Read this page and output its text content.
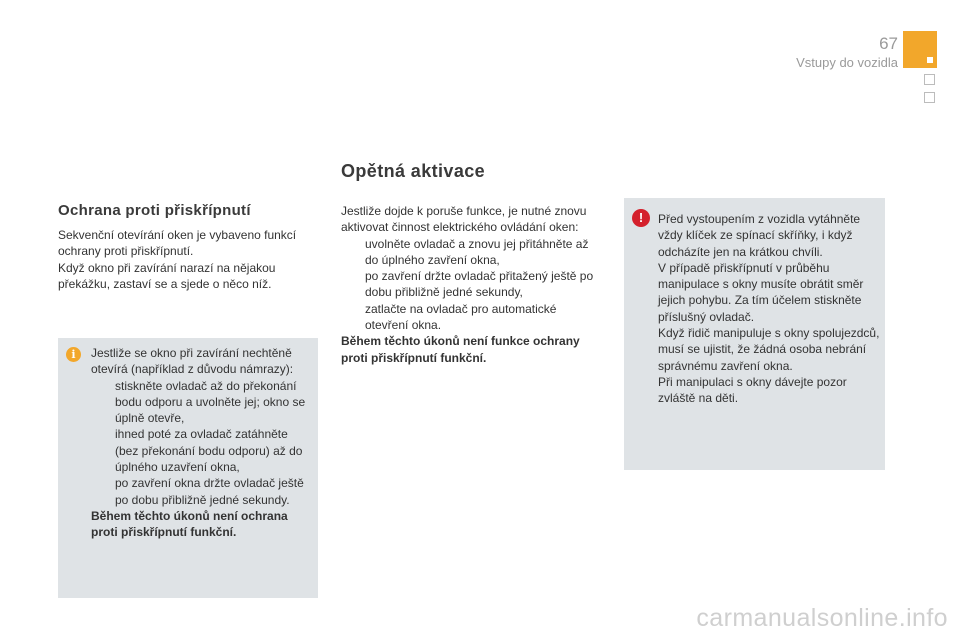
67
Vstupy do vozidla
Ochrana proti přiskřípnutí

Sekvenční otevírání oken je vybaveno funkcí ochrany proti přiskřípnutí.

Když okno při zavírání narazí na nějakou překážku, zastaví se a sjede o něco níž.

i	Jestliže se okno při zavírání nechtěně otevírá (například z důvodu námrazy):

stiskněte ovladač až do překonání bodu odporu a uvolněte jej; okno se úplně otevře,
ihned poté za ovladač zatáhněte (bez překonání bodu odporu) až do úplného uzavření okna,
po zavření okna držte ovladač ještě po dobu přibližně jedné sekundy.

Během těchto úkonů není ochrana proti přiskřípnutí funkční.

Opětná aktivace

Jestliže dojde k poruše funkce, je nutné znovu aktivovat činnost elektrického ovládání oken:

uvolněte ovladač a znovu jej přitáhněte až do úplného zavření okna,
po zavření držte ovladač přitažený ještě po dobu přibližně jedné sekundy,
zatlačte na ovladač pro automatické otevření okna.

Během těchto úkonů není funkce ochrany proti přiskřípnutí funkční.

!	Před vystoupením z vozidla vytáhněte vždy klíček ze spínací skříňky, i když odcházíte jen na krátkou chvíli.

V případě přiskřípnutí v průběhu manipulace s okny musíte obrátit směr jejich pohybu. Za tím účelem stiskněte příslušný ovladač.

Když řidič manipuluje s okny spolujezdců, musí se ujistit, že žádná osoba nebrání správnému zavření okna.

Při manipulaci s okny dávejte pozor zvláště na děti.

carmanualsonline.info
